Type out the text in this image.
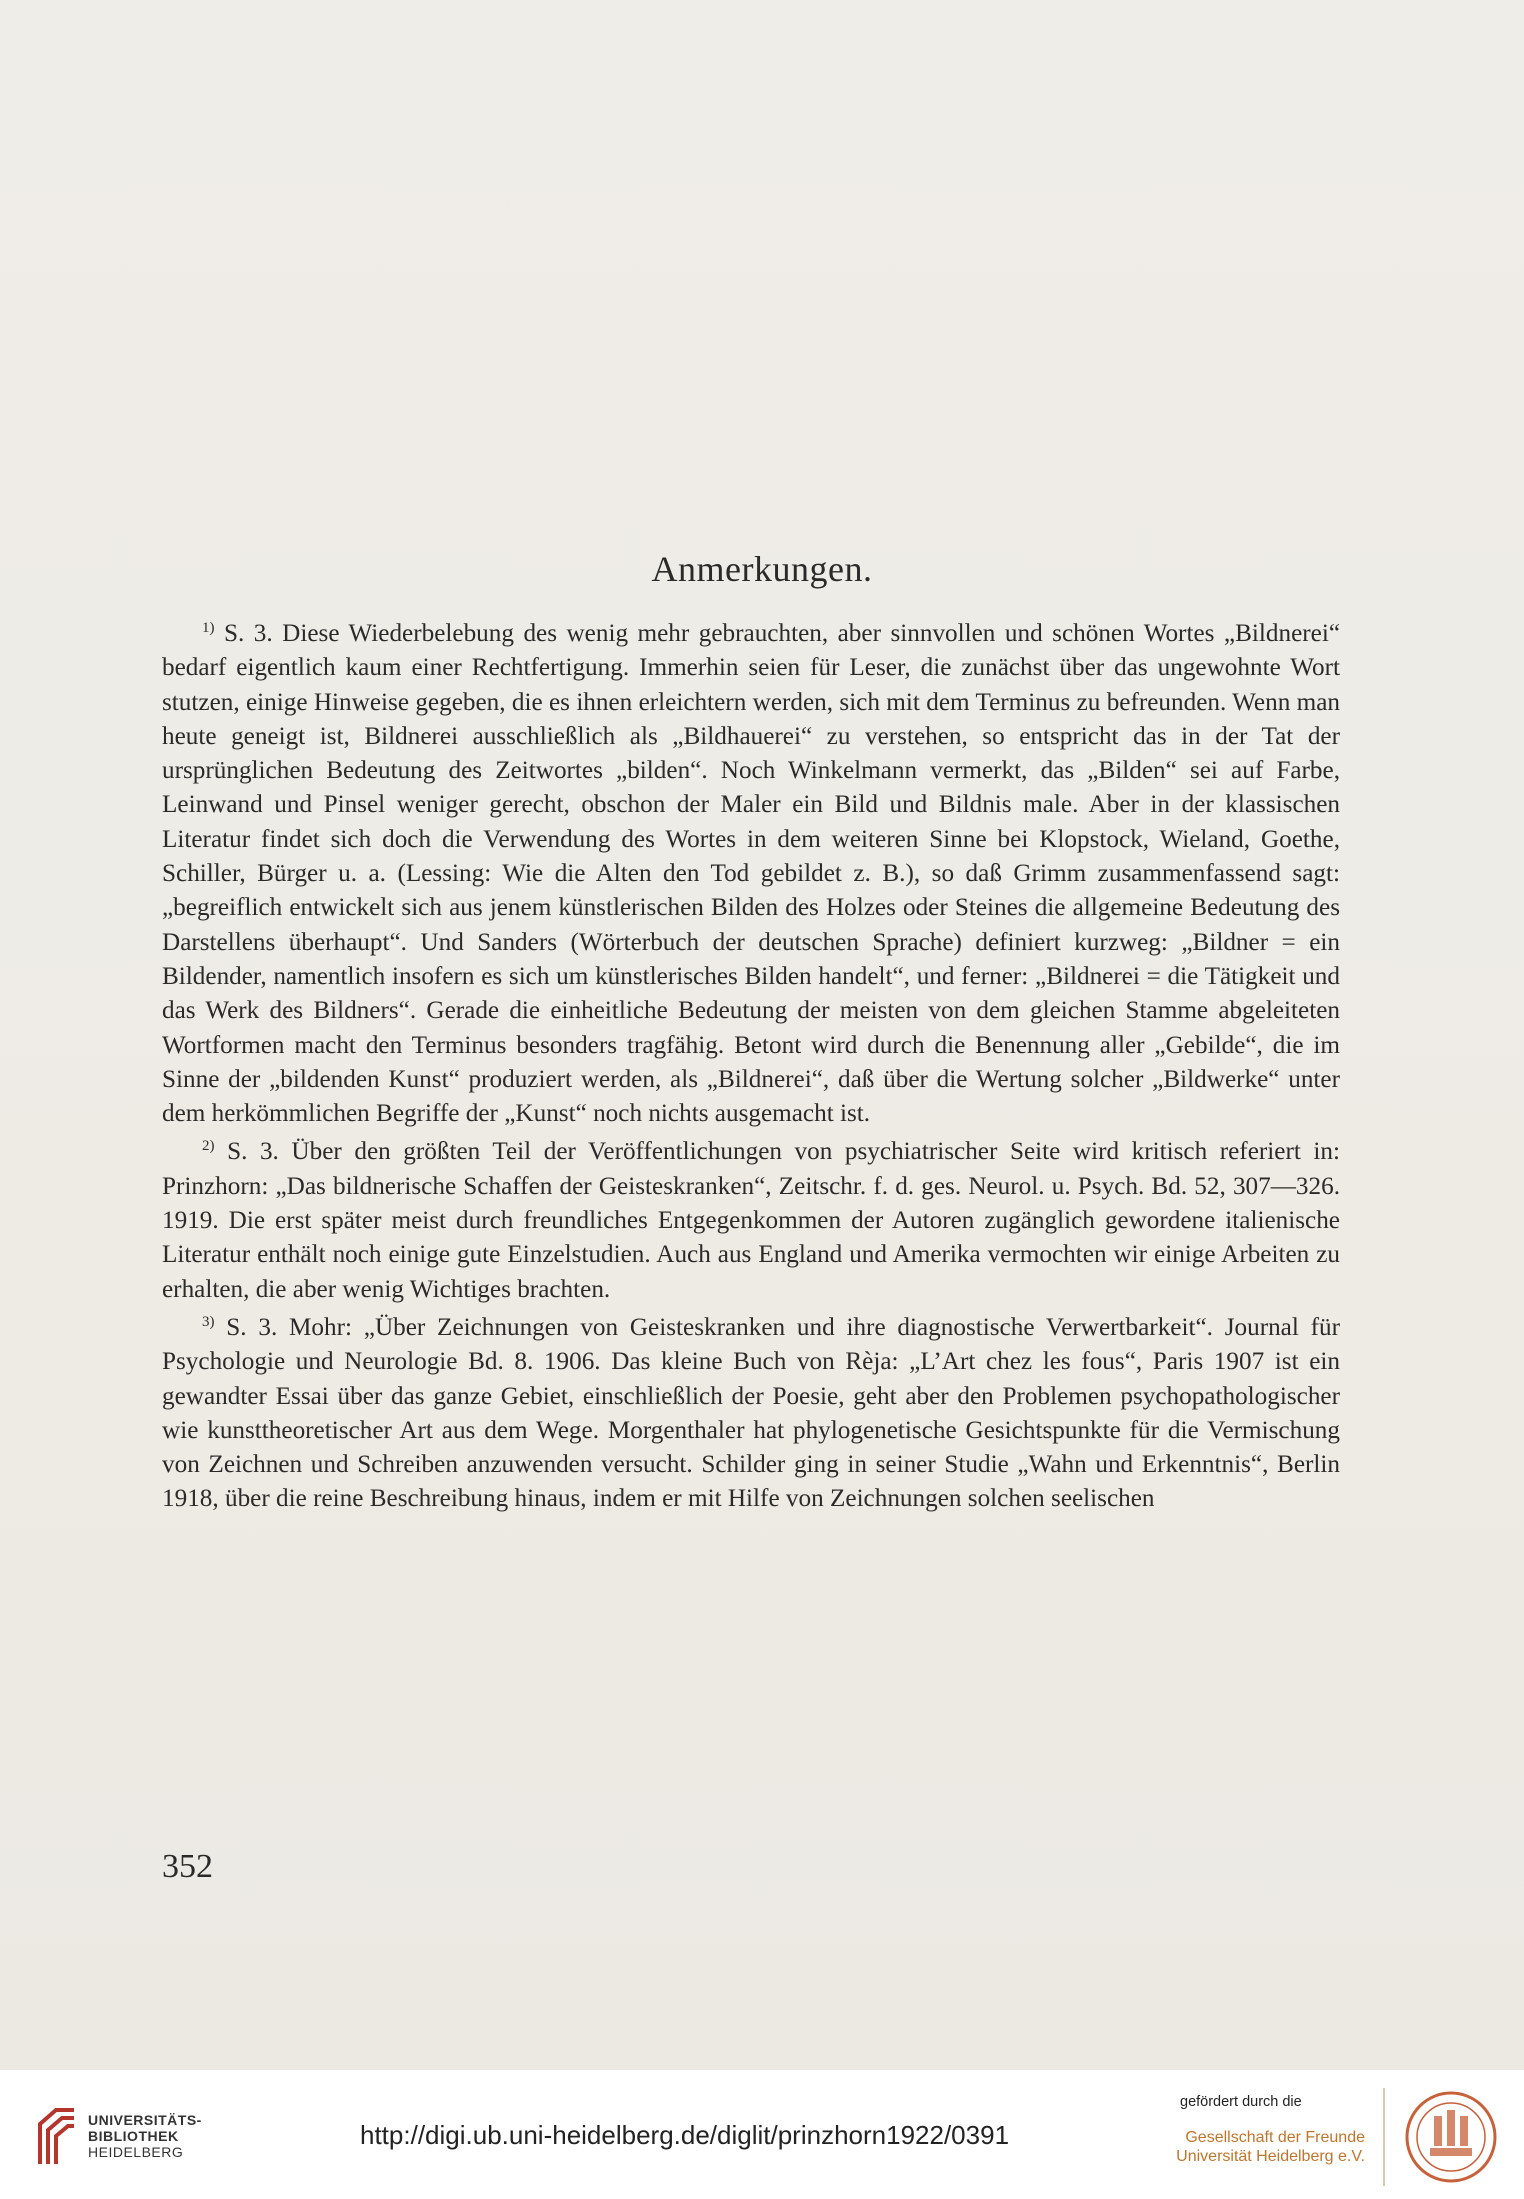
Anmerkungen.

$^{1)}$ S. 3. Diese Wiederbelebung des wenig mehr gebrauchten, aber sinnvollen und schönen Wortes „Bildnerei“ bedarf eigentlich kaum einer Rechtfertigung. Immerhin seien für Leser, die zunächst über das ungewohnte Wort stutzen, einige Hinweise gegeben, die es ihnen erleichtern werden, sich mit dem Terminus zu befreunden. Wenn man heute geneigt ist, Bildnerei ausschließlich als „Bildhauerei“ zu verstehen, so entspricht das in der Tat der ursprünglichen Bedeutung des Zeitwortes „bilden“. Noch Winkelmann vermerkt, das „Bilden“ sei auf Farbe, Leinwand und Pinsel weniger gerecht, obschon der Maler ein Bild und Bildnis male. Aber in der klassischen Literatur findet sich doch die Verwendung des Wortes in dem weiteren Sinne bei Klopstock, Wieland, Goethe, Schiller, Bürger u. a. (Lessing: Wie die Alten den Tod gebildet z. B.), so daß Grimm zusammenfassend sagt: „begreiflich entwickelt sich aus jenem künstlerischen Bilden des Holzes oder Steines die allgemeine Bedeutung des Darstellens überhaupt“. Und Sanders (Wörterbuch der deutschen Sprache) definiert kurzweg: „Bildner = ein Bildender, namentlich insofern es sich um künstlerisches Bilden handelt“, und ferner: „Bildnerei = die Tätigkeit und das Werk des Bildners“. Gerade die einheitliche Bedeutung der meisten von dem gleichen Stamme abgeleiteten Wortformen macht den Terminus besonders tragfähig. Betont wird durch die Benennung aller „Gebilde“, die im Sinne der „bildenden Kunst“ produziert werden, als „Bildnerei“, daß über die Wertung solcher „Bildwerke“ unter dem herkömmlichen Begriffe der „Kunst“ noch nichts ausgemacht ist.

$^{2)}$ S. 3. Über den größten Teil der Veröffentlichungen von psychiatrischer Seite wird kritisch referiert in: Prinzhorn: „Das bildnerische Schaffen der Geisteskranken“, Zeitschr. f. d. ges. Neurol. u. Psych. Bd. 52, 307—326. 1919. Die erst später meist durch freundliches Entgegenkommen der Autoren zugänglich gewordene italienische Literatur enthält noch einige gute Einzelstudien. Auch aus England und Amerika vermochten wir einige Arbeiten zu erhalten, die aber wenig Wichtiges brachten.

$^{3)}$ S. 3. Mohr: „Über Zeichnungen von Geisteskranken und ihre diagnostische Verwertbarkeit“. Journal für Psychologie und Neurologie Bd. 8. 1906. Das kleine Buch von Rèja: „L’Art chez les fous“, Paris 1907 ist ein gewandter Essai über das ganze Gebiet, einschließlich der Poesie, geht aber den Problemen psychopathologischer wie kunsttheoretischer Art aus dem Wege. Morgenthaler hat phylogenetische Gesichtspunkte für die Vermischung von Zeichnen und Schreiben anzuwenden versucht. Schilder ging in seiner Studie „Wahn und Erkenntnis“, Berlin 1918, über die reine Beschreibung hinaus, indem er mit Hilfe von Zeichnungen solchen seelischen

352
UNIVERSITÄTS-
BIBLIOTHEK
HEIDELBERG
http://digi.ub.uni-heidelberg.de/diglit/prinzhorn1922/0391
gefördert durch die
Gesellschaft der Freunde
Universität Heidelberg e.V.
